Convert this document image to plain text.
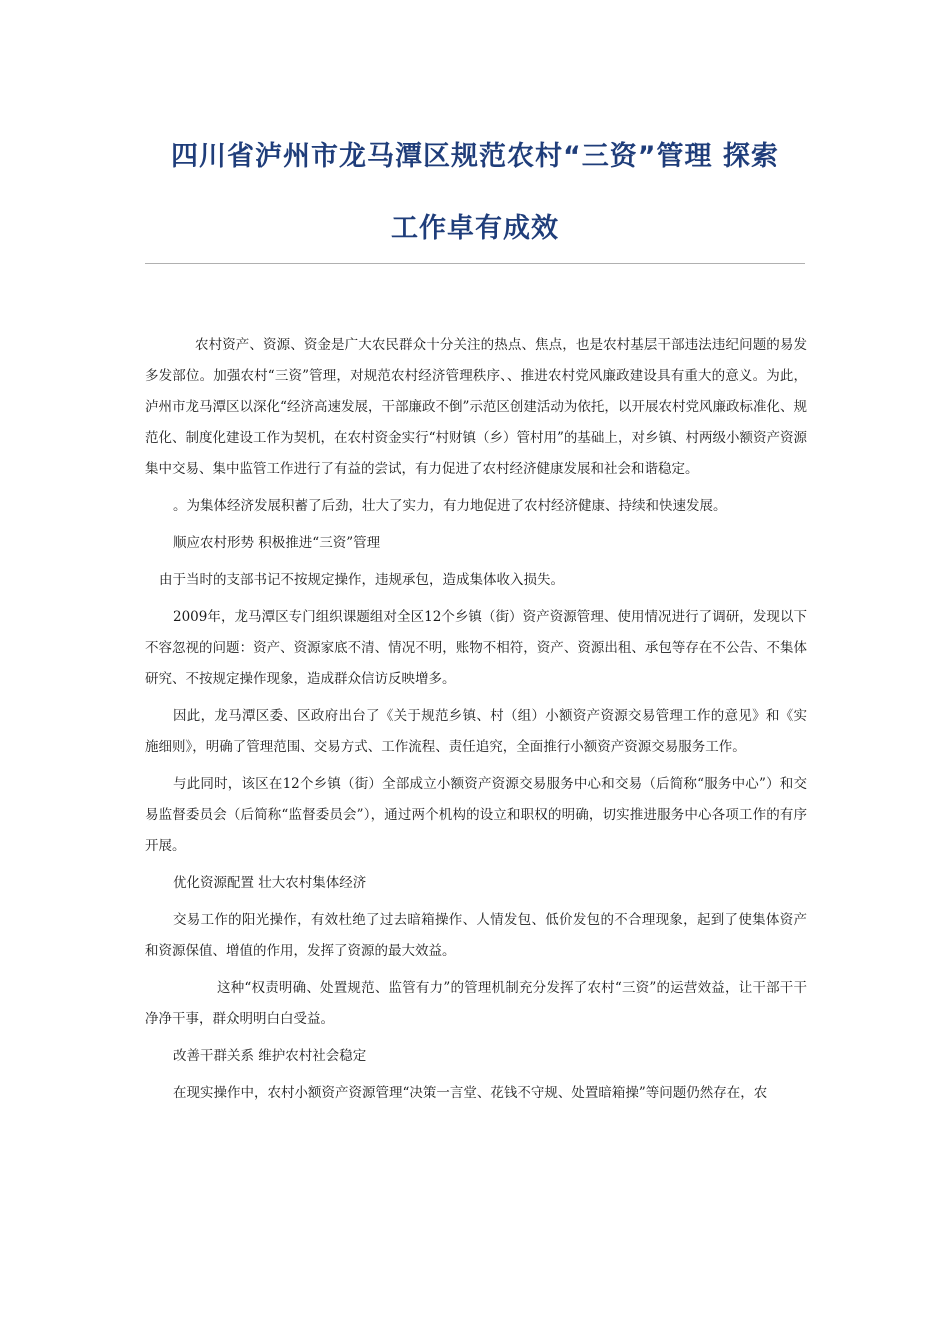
四川省泸州市龙马潭区规范农村“三资”管理 探索
工作卓有成效

农村资产、资源、资金是广大农民群众十分关注的热点、焦点，也是农村基层干部违法违纪问题的易发多发部位。加强农村“三资”管理，对规范农村经济管理秩序、、推进农村党风廉政建设具有重大的意义。为此，泸州市龙马潭区以深化“经济高速发展，干部廉政不倒”示范区创建活动为依托，以开展农村党风廉政标准化、规范化、制度化建设工作为契机，在农村资金实行“村财镇（乡）管村用”的基础上，对乡镇、村两级小额资产资源集中交易、集中监管工作进行了有益的尝试，有力促进了农村经济健康发展和社会和谐稳定。

。为集体经济发展积蓄了后劲，壮大了实力，有力地促进了农村经济健康、持续和快速发展。

顺应农村形势 积极推进“三资”管理

由于当时的支部书记不按规定操作，违规承包，造成集体收入损失。

2009年，龙马潭区专门组织课题组对全区12个乡镇（街）资产资源管理、使用情况进行了调研，发现以下不容忽视的问题：资产、资源家底不清、情况不明，账物不相符，资产、资源出租、承包等存在不公告、不集体研究、不按规定操作现象，造成群众信访反映增多。

因此，龙马潭区委、区政府出台了《关于规范乡镇、村（组）小额资产资源交易管理工作的意见》和《实施细则》，明确了管理范围、交易方式、工作流程、责任追究，全面推行小额资产资源交易服务工作。

与此同时，该区在12个乡镇（街）全部成立小额资产资源交易服务中心和交易（后简称“服务中心”）和交易监督委员会（后简称“监督委员会”），通过两个机构的设立和职权的明确，切实推进服务中心各项工作的有序开展。

优化资源配置 壮大农村集体经济

交易工作的阳光操作，有效杜绝了过去暗箱操作、人情发包、低价发包的不合理现象，起到了使集体资产和资源保值、增值的作用，发挥了资源的最大效益。

这种“权责明确、处置规范、监管有力”的管理机制充分发挥了农村“三资”的运营效益，让干部干干净净干事，群众明明白白受益。

改善干群关系 维护农村社会稳定

在现实操作中，农村小额资产资源管理“决策一言堂、花钱不守规、处置暗箱操”等问题仍然存在，农
